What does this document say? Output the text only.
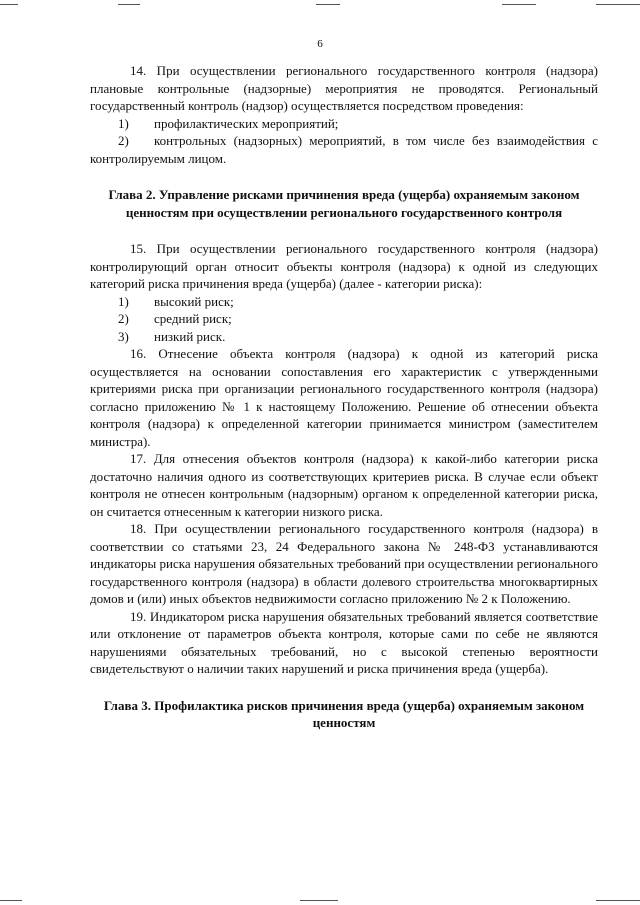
6

14. При осуществлении регионального государственного контроля (надзора) плановые контрольные (надзорные) мероприятия не проводятся. Региональный государственный контроль (надзор) осуществляется посредством проведения:

1)	профилактических мероприятий;

2) контрольных (надзорных) мероприятий, в том числе без взаимодействия с контролируемым лицом.

Глава 2. Управление рисками причинения вреда (ущерба) охраняемым законом ценностям при осуществлении регионального государственного контроля

15. При осуществлении регионального государственного контроля (надзора) контролирующий орган относит объекты контроля (надзора) к одной из следующих категорий риска причинения вреда (ущерба) (далее - категории риска):

1)	высокий риск;
2)	средний риск;
3)	низкий риск.

16. Отнесение объекта контроля (надзора) к одной из категорий риска осуществляется на основании сопоставления его характеристик с утвержденными критериями риска при организации регионального государственного контроля (надзора) согласно приложению № 1 к настоящему Положению. Решение об отнесении объекта контроля (надзора) к определенной категории принимается министром (заместителем министра).

17. Для отнесения объектов контроля (надзора) к какой-либо категории риска достаточно наличия одного из соответствующих критериев риска. В случае если объект контроля не отнесен контрольным (надзорным) органом к определенной категории риска, он считается отнесенным к категории низкого риска.

18. При осуществлении регионального государственного контроля (надзора) в соответствии со статьями 23, 24 Федерального закона № 248-ФЗ устанавливаются индикаторы риска нарушения обязательных требований при осуществлении регионального государственного контроля (надзора) в области долевого строительства многоквартирных домов и (или) иных объектов недвижимости согласно приложению № 2 к Положению.

19. Индикатором риска нарушения обязательных требований является соответствие или отклонение от параметров объекта контроля, которые сами по себе не являются нарушениями обязательных требований, но с высокой степенью вероятности свидетельствуют о наличии таких нарушений и риска причинения вреда (ущерба).

Глава 3. Профилактика рисков причинения вреда (ущерба) охраняемым законом ценностям
